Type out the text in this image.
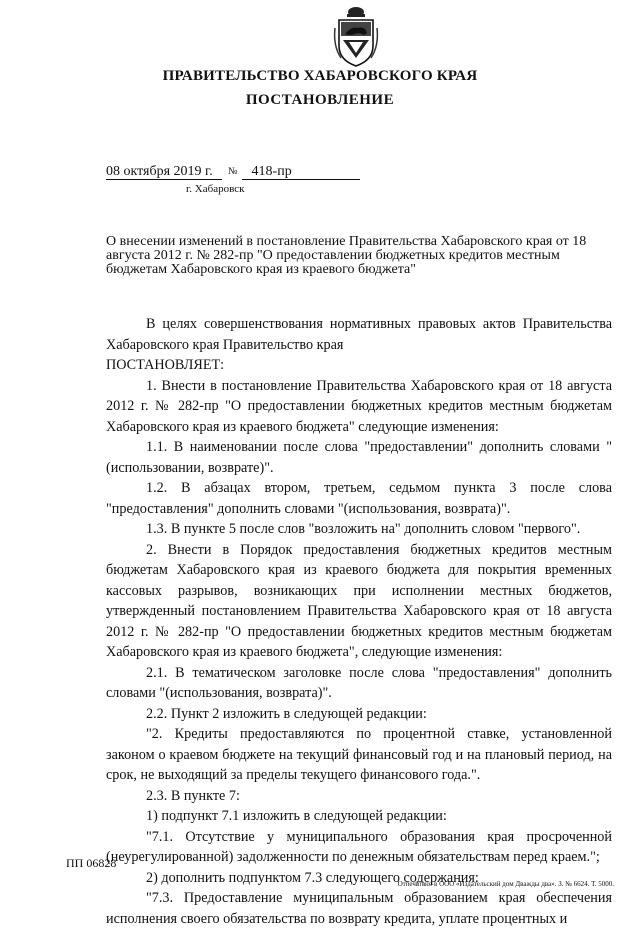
ПРАВИТЕЛЬСТВО ХАБАРОВСКОГО КРАЯ
ПОСТАНОВЛЕНИЕ
08 октября 2019 г. № 418-пр
г. Хабаровск
О внесении изменений в постановление Правительства Хабаровского края от 18 августа 2012 г. № 282-пр "О предоставлении бюджетных кредитов местным бюджетам Хабаровского края из краевого бюджета"

В целях совершенствования нормативных правовых актов Правительства Хабаровского края Правительство края

ПОСТАНОВЛЯЕТ:

1. Внести в постановление Правительства Хабаровского края от 18 августа 2012 г. № 282-пр "О предоставлении бюджетных кредитов местным бюджетам Хабаровского края из краевого бюджета" следующие изменения:

1.1. В наименовании после слова "предоставлении" дополнить словами "(использовании, возврате)".

1.2. В абзацах втором, третьем, седьмом пункта 3 после слова "предоставления" дополнить словами "(использования, возврата)".

1.3. В пункте 5 после слов "возложить на" дополнить словом "первого".

2. Внести в Порядок предоставления бюджетных кредитов местным бюджетам Хабаровского края из краевого бюджета для покрытия временных кассовых разрывов, возникающих при исполнении местных бюджетов, утвержденный постановлением Правительства Хабаровского края от 18 августа 2012 г. № 282-пр "О предоставлении бюджетных кредитов местным бюджетам Хабаровского края из краевого бюджета", следующие изменения:

2.1. В тематическом заголовке после слова "предоставления" дополнить словами "(использования, возврата)".

2.2. Пункт 2 изложить в следующей редакции:

"2. Кредиты предоставляются по процентной ставке, установленной законом о краевом бюджете на текущий финансовый год и на плановый период, на срок, не выходящий за пределы текущего финансового года.".

2.3. В пункте 7:

1) подпункт 7.1 изложить в следующей редакции:

"7.1. Отсутствие у муниципального образования края просроченной (неурегулированной) задолженности по денежным обязательствам перед краем.";

2) дополнить подпунктом 7.3 следующего содержания:

"7.3. Предоставление муниципальным образованием края обеспечения исполнения своего обязательства по возврату кредита, уплате процентных и

ПП 06828
Отпечатано в ООО «Издательский дом Дважды два». З. № 6624. Т. 5000.
